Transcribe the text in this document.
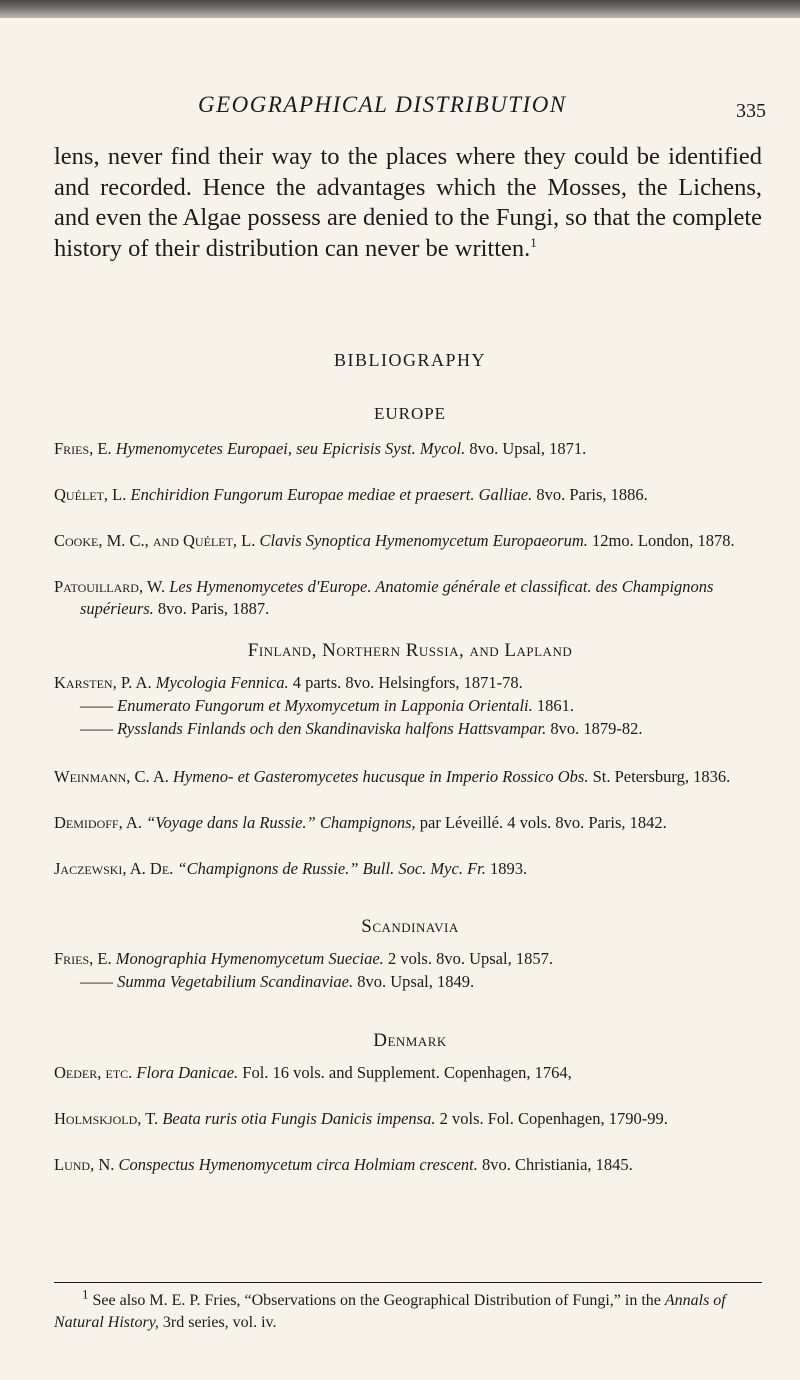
GEOGRAPHICAL DISTRIBUTION	335

lens, never find their way to the places where they could be identified and recorded. Hence the advantages which the Mosses, the Lichens, and even the Algae possess are denied to the Fungi, so that the complete history of their distribution can never be written.$^1$

BIBLIOGRAPHY
EUROPE

Fries, E. Hymenomycetes Europaei, seu Epicrisis Syst. Mycol. 8vo. Upsal, 1871.

Quélet, L. Enchiridion Fungorum Europae mediae et praesert. Galliae. 8vo. Paris, 1886.

Cooke, M. C., and Quélet, L. Clavis Synoptica Hymenomycetum Europaeorum. 12mo. London, 1878.

Patouillard, W. Les Hymenomycetes d'Europe. Anatomie générale et classificat. des Champignons supérieurs. 8vo. Paris, 1887.

Finland, Northern Russia, and Lapland

Karsten, P. A. Mycologia Fennica. 4 parts. 8vo. Helsingfors, 1871-78.

—— Enumerato Fungorum et Myxomycetum in Lapponia Orientali. 1861.

—— Rysslands Finlands och den Skandinaviska halfons Hattsvampar. 8vo. 1879-82.

Weinmann, C. A. Hymeno- et Gasteromycetes hucusque in Imperio Rossico Obs. St. Petersburg, 1836.

Demidoff, A. “Voyage dans la Russie.” Champignons, par Léveillé. 4 vols. 8vo. Paris, 1842.

Jaczewski, A. De. “Champignons de Russie.” Bull. Soc. Myc. Fr. 1893.

Scandinavia

Fries, E. Monographia Hymenomycetum Sueciae. 2 vols. 8vo. Upsal, 1857.

—— Summa Vegetabilium Scandinaviae. 8vo. Upsal, 1849.

Denmark

Oeder, etc. Flora Danicae. Fol. 16 vols. and Supplement. Copenhagen, 1764,

Holmskjold, T. Beata ruris otia Fungis Danicis impensa. 2 vols. Fol. Copenhagen, 1790-99.

Lund, N. Conspectus Hymenomycetum circa Holmiam crescent. 8vo. Christiania, 1845.

$^1$ See also M. E. P. Fries, “Observations on the Geographical Distribution of Fungi,” in the Annals of Natural History, 3rd series, vol. iv.
